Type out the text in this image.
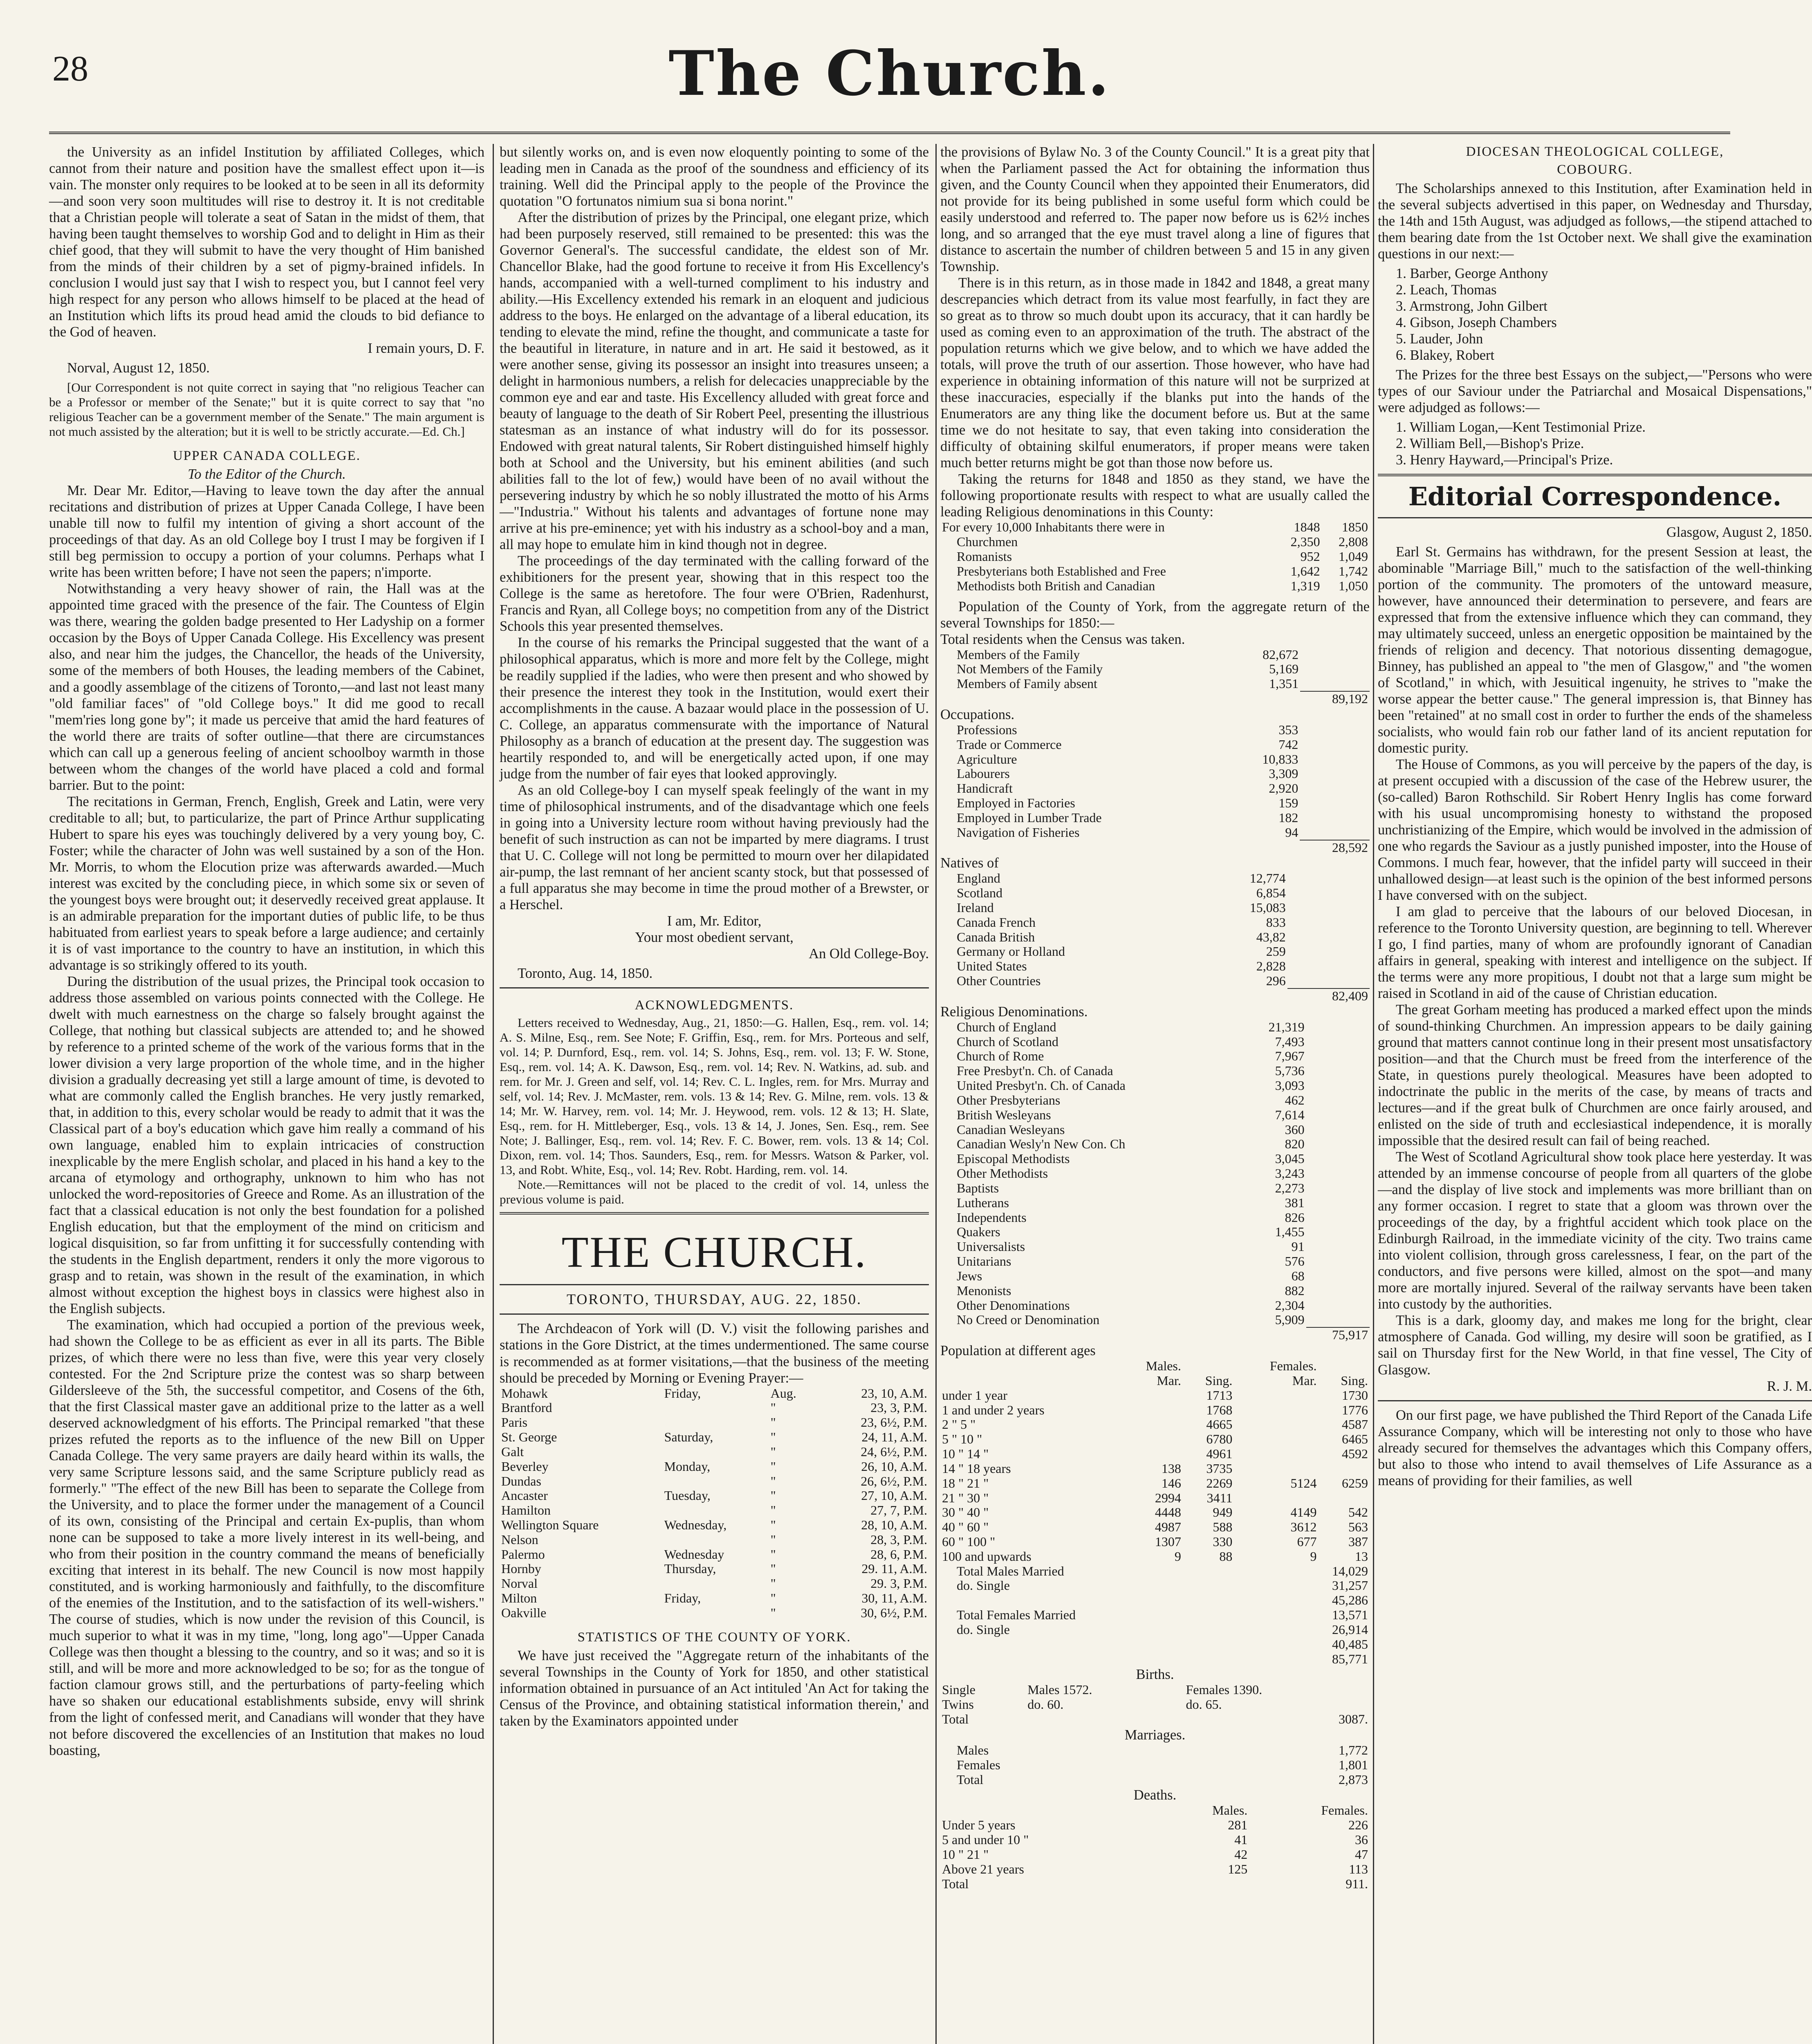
28	The Church.

the University as an infidel Institution by affiliated Colleges, which cannot from their nature and position have the smallest effect upon it—is vain. The monster only requires to be looked at to be seen in all its deformity—and soon very soon multitudes will rise to destroy it. It is not creditable that a Christian people will tolerate a seat of Satan in the midst of them, that having been taught themselves to worship God and to delight in Him as their chief good, that they will submit to have the very thought of Him banished from the minds of their children by a set of pigmy-brained infidels. In conclusion I would just say that I wish to respect you, but I cannot feel very high respect for any person who allows himself to be placed at the head of an Institution which lifts its proud head amid the clouds to bid defiance to the God of heaven.

I remain yours, D. F.

Norval, August 12, 1850.

[Our Correspondent is not quite correct in saying that "no religious Teacher can be a Professor or member of the Senate;" but it is quite correct to say that "no religious Teacher can be a government member of the Senate." The main argument is not much assisted by the alteration; but it is well to be strictly accurate.—Ed. Ch.]

UPPER CANADA COLLEGE.
To the Editor of the Church.

Mr. Dear Mr. Editor,—Having to leave town the day after the annual recitations and distribution of prizes at Upper Canada College, I have been unable till now to fulfil my intention of giving a short account of the proceedings of that day. As an old College boy I trust I may be forgiven if I still beg permission to occupy a portion of your columns. Perhaps what I write has been written before; I have not seen the papers; n'importe.

Notwithstanding a very heavy shower of rain, the Hall was at the appointed time graced with the presence of the fair. The Countess of Elgin was there, wearing the golden badge presented to Her Ladyship on a former occasion by the Boys of Upper Canada College. His Excellency was present also, and near him the judges, the Chancellor, the heads of the University, some of the members of both Houses, the leading members of the Cabinet, and a goodly assemblage of the citizens of Toronto,—and last not least many "old familiar faces" of "old College boys." It did me good to recall "mem'ries long gone by"; it made us perceive that amid the hard features of the world there are traits of softer outline—that there are circumstances which can call up a generous feeling of ancient schoolboy warmth in those between whom the changes of the world have placed a cold and formal barrier. But to the point:

The recitations in German, French, English, Greek and Latin, were very creditable to all; but, to particularize, the part of Prince Arthur supplicating Hubert to spare his eyes was touchingly delivered by a very young boy, C. Foster; while the character of John was well sustained by a son of the Hon. Mr. Morris, to whom the Elocution prize was afterwards awarded.—Much interest was excited by the concluding piece, in which some six or seven of the youngest boys were brought out; it deservedly received great applause. It is an admirable preparation for the important duties of public life, to be thus habituated from earliest years to speak before a large audience; and certainly it is of vast importance to the country to have an institution, in which this advantage is so strikingly offered to its youth.

During the distribution of the usual prizes, the Principal took occasion to address those assembled on various points connected with the College. He dwelt with much earnestness on the charge so falsely brought against the College, that nothing but classical subjects are attended to; and he showed by reference to a printed scheme of the work of the various forms that in the lower division a very large proportion of the whole time, and in the higher division a gradually decreasing yet still a large amount of time, is devoted to what are commonly called the English branches. He very justly remarked, that, in addition to this, every scholar would be ready to admit that it was the Classical part of a boy's education which gave him really a command of his own language, enabled him to explain intricacies of construction inexplicable by the mere English scholar, and placed in his hand a key to the arcana of etymology and orthography, unknown to him who has not unlocked the word-repositories of Greece and Rome. As an illustration of the fact that a classical education is not only the best foundation for a polished English education, but that the employment of the mind on criticism and logical disquisition, so far from unfitting it for successfully contending with the students in the English department, renders it only the more vigorous to grasp and to retain, was shown in the result of the examination, in which almost without exception the highest boys in classics were highest also in the English subjects.

The examination, which had occupied a portion of the previous week, had shown the College to be as efficient as ever in all its parts. The Bible prizes, of which there were no less than five, were this year very closely contested. For the 2nd Scripture prize the contest was so sharp between Gildersleeve of the 5th, the successful competitor, and Cosens of the 6th, that the first Classical master gave an additional prize to the latter as a well deserved acknowledgment of his efforts. The Principal remarked "that these prizes refuted the reports as to the influence of the new Bill on Upper Canada College. The very same prayers are daily heard within its walls, the very same Scripture lessons said, and the same Scripture publicly read as formerly." "The effect of the new Bill has been to separate the College from the University, and to place the former under the management of a Council of its own, consisting of the Principal and certain Ex-puplis, than whom none can be supposed to take a more lively interest in its well-being, and who from their position in the country command the means of beneficially exciting that interest in its behalf. The new Council is now most happily constituted, and is working harmoniously and faithfully, to the discomfiture of the enemies of the Institution, and to the satisfaction of its well-wishers." The course of studies, which is now under the revision of this Council, is much superior to what it was in my time, "long, long ago"—Upper Canada College was then thought a blessing to the country, and so it was; and so it is still, and will be more and more acknowledged to be so; for as the tongue of faction clamour grows still, and the perturbations of party-feeling which have so shaken our educational establishments subside, envy will shrink from the light of confessed merit, and Canadians will wonder that they have not before discovered the excellencies of an Institution that makes no loud boasting,

but silently works on, and is even now eloquently pointing to some of the leading men in Canada as the proof of the soundness and efficiency of its training. Well did the Principal apply to the people of the Province the quotation "O fortunatos nimium sua si bona norint."

After the distribution of prizes by the Principal, one elegant prize, which had been purposely reserved, still remained to be presented: this was the Governor General's. The successful candidate, the eldest son of Mr. Chancellor Blake, had the good fortune to receive it from His Excellency's hands, accompanied with a well-turned compliment to his industry and ability.—His Excellency extended his remark in an eloquent and judicious address to the boys. He enlarged on the advantage of a liberal education, its tending to elevate the mind, refine the thought, and communicate a taste for the beautiful in literature, in nature and in art. He said it bestowed, as it were another sense, giving its possessor an insight into treasures unseen; a delight in harmonious numbers, a relish for delecacies unappreciable by the common eye and ear and taste. His Excellency alluded with great force and beauty of language to the death of Sir Robert Peel, presenting the illustrious statesman as an instance of what industry will do for its possessor. Endowed with great natural talents, Sir Robert distinguished himself highly both at School and the University, but his eminent abilities (and such abilities fall to the lot of few,) would have been of no avail without the persevering industry by which he so nobly illustrated the motto of his Arms—"Industria." Without his talents and advantages of fortune none may arrive at his pre-eminence; yet with his industry as a school-boy and a man, all may hope to emulate him in kind though not in degree.

The proceedings of the day terminated with the calling forward of the exhibitioners for the present year, showing that in this respect too the College is the same as heretofore. The four were O'Brien, Radenhurst, Francis and Ryan, all College boys; no competition from any of the District Schools this year presented themselves.

In the course of his remarks the Principal suggested that the want of a philosophical apparatus, which is more and more felt by the College, might be readily supplied if the ladies, who were then present and who showed by their presence the interest they took in the Institution, would exert their accomplishments in the cause. A bazaar would place in the possession of U. C. College, an apparatus commensurate with the importance of Natural Philosophy as a branch of education at the present day. The suggestion was heartily responded to, and will be energetically acted upon, if one may judge from the number of fair eyes that looked approvingly.

As an old College-boy I can myself speak feelingly of the want in my time of philosophical instruments, and of the disadvantage which one feels in going into a University lecture room without having previously had the benefit of such instruction as can not be imparted by mere diagrams. I trust that U. C. College will not long be permitted to mourn over her dilapidated air-pump, the last remnant of her ancient scanty stock, but that possessed of a full apparatus she may become in time the proud mother of a Brewster, or a Herschel.

I am, Mr. Editor,
Your most obedient servant,
An Old College-Boy.

Toronto, Aug. 14, 1850.

ACKNOWLEDGMENTS.

Letters received to Wednesday, Aug., 21, 1850:—G. Hallen, Esq., rem. vol. 14; A. S. Milne, Esq., rem. See Note; F. Griffin, Esq., rem. for Mrs. Porteous and self, vol. 14; P. Durnford, Esq., rem. vol. 14; S. Johns, Esq., rem. vol. 13; F. W. Stone, Esq., rem. vol. 14; A. K. Dawson, Esq., rem. vol. 14; Rev. N. Watkins, ad. sub. and rem. for Mr. J. Green and self, vol. 14; Rev. C. L. Ingles, rem. for Mrs. Murray and self, vol. 14; Rev. J. McMaster, rem. vols. 13 & 14; Rev. G. Milne, rem. vols. 13 & 14; Mr. W. Harvey, rem. vol. 14; Mr. J. Heywood, rem. vols. 12 & 13; H. Slate, Esq., rem. for H. Mittleberger, Esq., vols. 13 & 14, J. Jones, Sen. Esq., rem. See Note; J. Ballinger, Esq., rem. vol. 14; Rev. F. C. Bower, rem. vols. 13 & 14; Col. Dixon, rem. vol. 14; Thos. Saunders, Esq., rem. for Messrs. Watson & Parker, vol. 13, and Robt. White, Esq., vol. 14; Rev. Robt. Harding, rem. vol. 14.

Note.—Remittances will not be placed to the credit of vol. 14, unless the previous volume is paid.

THE CHURCH.
TORONTO, THURSDAY, AUG. 22, 1850.

The Archdeacon of York will (D. V.) visit the following parishes and stations in the Gore District, at the times undermentioned. The same course is recommended as at former visitations,—that the business of the meeting should be preceded by Morning or Evening Prayer:—

Mohawk	Friday,	Aug.	23, 10, A.M.
Brantford		"	23, 3, P.M.
Paris		"	23, 6½, P.M.
St. George	Saturday,	"	24, 11, A.M.
Galt		"	24, 6½, P.M.
Beverley	Monday,	"	26, 10, A.M.
Dundas		"	26, 6½, P.M.
Ancaster	Tuesday,	"	27, 10, A.M.
Hamilton		"	27, 7, P.M.
Wellington Square	Wednesday,	"	28, 10, A.M.
Nelson		"	28, 3, P.M.
Palermo	Wednesday	"	28, 6, P.M.
Hornby	Thursday,	"	29. 11, A.M.
Norval		"	29. 3, P.M.
Milton	Friday,	"	30, 11, A.M.
Oakville		"	30, 6½, P.M.
STATISTICS OF THE COUNTY OF YORK.

We have just received the "Aggregate return of the inhabitants of the several Townships in the County of York for 1850, and other statistical information obtained in pursuance of an Act intituled 'An Act for taking the Census of the Province, and obtaining statistical information therein,' and taken by the Examinators appointed under

the provisions of Bylaw No. 3 of the County Council." It is a great pity that when the Parliament passed the Act for obtaining the information thus given, and the County Council when they appointed their Enumerators, did not provide for its being published in some useful form which could be easily understood and referred to. The paper now before us is 62½ inches long, and so arranged that the eye must travel along a line of figures that distance to ascertain the number of children between 5 and 15 in any given Township.

There is in this return, as in those made in 1842 and 1848, a great many descrepancies which detract from its value most fearfully, in fact they are so great as to throw so much doubt upon its accuracy, that it can hardly be used as coming even to an approximation of the truth. The abstract of the population returns which we give below, and to which we have added the totals, will prove the truth of our assertion. Those however, who have had experience in obtaining information of this nature will not be surprized at these inaccuracies, especially if the blanks put into the hands of the Enumerators are any thing like the document before us. But at the same time we do not hesitate to say, that even taking into consideration the difficulty of obtaining skilful enumerators, if proper means were taken much better returns might be got than those now before us.

Taking the returns for 1848 and 1850 as they stand, we have the following proportionate results with respect to what are usually called the leading Religious denominations in this County:

For every 10,000 Inhabitants there were in	1848	1850
Churchmen	2,350	2,808
Romanists	952	1,049
Presbyterians both Established and Free	1,642	1,742
Methodists both British and Canadian	1,319	1,050

Population of the County of York, from the aggregate return of the several Townships for 1850:—

Total residents when the Census was taken.
Members of the Family	82,672	
Not Members of the Family	5,169	
Members of Family absent	1,351	
		89,192
Occupations.
Professions	353	
Trade or Commerce	742	
Agriculture	10,833	
Labourers	3,309	
Handicraft	2,920	
Employed in Factories	159	
Employed in Lumber Trade	182	
Navigation of Fisheries	94	
		28,592
Natives of
England	12,774	
Scotland	6,854	
Ireland	15,083	
Canada French	833	
Canada British	43,82	
Germany or Holland	259	
United States	2,828	
Other Countries	296	
		82,409
Religious Denominations.
Church of England	21,319	
Church of Scotland	7,493	
Church of Rome	7,967	
Free Presbyt'n. Ch. of Canada	5,736	
United Presbyt'n. Ch. of Canada	3,093	
Other Presbyterians	462	
British Wesleyans	7,614	
Canadian Wesleyans	360	
Canadian Wesly'n New Con. Ch	820	
Episcopal Methodists	3,045	
Other Methodists	3,243	
Baptists	2,273	
Lutherans	381	
Independents	826	
Quakers	1,455	
Universalists	91	
Unitarians	576	
Jews	68	
Menonists	882	
Other Denominations	2,304	
No Creed or Denomination	5,909	
		75,917
Population at different ages
	Males.		Females.	
	Mar.	Sing.	Mar.	Sing.
under 1 year		1713		1730
1 and under 2 years		1768		1776
2 " 5 "		4665		4587
5 " 10 "		6780		6465
10 " 14 "		4961		4592
14 " 18 years	138	3735		
18 " 21 "	146	2269	5124	6259
21 " 30 "	2994	3411		
30 " 40 "	4448	949	4149	542
40 " 60 "	4987	588	3612	563
60 " 100 "	1307	330	677	387
100 and upwards	9	88	9	13
Total Males Married	14,029
do. Single	31,257
	45,286
Total Females Married	13,571
do. Single	26,914
	40,485
	85,771
Births.
Single	Males 1572.	Females 1390.
Twins	do. 60.	do. 65.
Total		3087.
Marriages.
Males	1,772
Females	1,801
Total	2,873
Deaths.
	Males.	Females.
Under 5 years	281	226
5 and under 10 "	41	36
10 " 21 "	42	47
Above 21 years	125	113
Total		911.
DIOCESAN THEOLOGICAL COLLEGE,
COBOURG.

The Scholarships annexed to this Institution, after Examination held in the several subjects advertised in this paper, on Wednesday and Thursday, the 14th and 15th August, was adjudged as follows,—the stipend attached to them bearing date from the 1st October next. We shall give the examination questions in our next:—

1. Barber, George Anthony
2. Leach, Thomas
3. Armstrong, John Gilbert
4. Gibson, Joseph Chambers
5. Lauder, John
6. Blakey, Robert

The Prizes for the three best Essays on the subject,—"Persons who were types of our Saviour under the Patriarchal and Mosaical Dispensations," were adjudged as follows:—

1. William Logan,—Kent Testimonial Prize.
2. William Bell,—Bishop's Prize.
3. Henry Hayward,—Principal's Prize.
Editorial Correspondence.
Glasgow, August 2, 1850.

Earl St. Germains has withdrawn, for the present Session at least, the abominable "Marriage Bill," much to the satisfaction of the well-thinking portion of the community. The promoters of the untoward measure, however, have announced their determination to persevere, and fears are expressed that from the extensive influence which they can command, they may ultimately succeed, unless an energetic opposition be maintained by the friends of religion and decency. That notorious dissenting demagogue, Binney, has published an appeal to "the men of Glasgow," and "the women of Scotland," in which, with Jesuitical ingenuity, he strives to "make the worse appear the better cause." The general impression is, that Binney has been "retained" at no small cost in order to further the ends of the shameless socialists, who would fain rob our father land of its ancient reputation for domestic purity.

The House of Commons, as you will perceive by the papers of the day, is at present occupied with a discussion of the case of the Hebrew usurer, the (so-called) Baron Rothschild. Sir Robert Henry Inglis has come forward with his usual uncompromising honesty to withstand the proposed unchristianizing of the Empire, which would be involved in the admission of one who regards the Saviour as a justly punished imposter, into the House of Commons. I much fear, however, that the infidel party will succeed in their unhallowed design—at least such is the opinion of the best informed persons I have conversed with on the subject.

I am glad to perceive that the labours of our beloved Diocesan, in reference to the Toronto University question, are beginning to tell. Wherever I go, I find parties, many of whom are profoundly ignorant of Canadian affairs in general, speaking with interest and intelligence on the subject. If the terms were any more propitious, I doubt not that a large sum might be raised in Scotland in aid of the cause of Christian education.

The great Gorham meeting has produced a marked effect upon the minds of sound-thinking Churchmen. An impression appears to be daily gaining ground that matters cannot continue long in their present most unsatisfactory position—and that the Church must be freed from the interference of the State, in questions purely theological. Measures have been adopted to indoctrinate the public in the merits of the case, by means of tracts and lectures—and if the great bulk of Churchmen are once fairly aroused, and enlisted on the side of truth and ecclesiastical independence, it is morally impossible that the desired result can fail of being reached.

The West of Scotland Agricultural show took place here yesterday. It was attended by an immense concourse of people from all quarters of the globe—and the display of live stock and implements was more brilliant than on any former occasion. I regret to state that a gloom was thrown over the proceedings of the day, by a frightful accident which took place on the Edinburgh Railroad, in the immediate vicinity of the city. Two trains came into violent collision, through gross carelessness, I fear, on the part of the conductors, and five persons were killed, almost on the spot—and many more are mortally injured. Several of the railway servants have been taken into custody by the authorities.

This is a dark, gloomy day, and makes me long for the bright, clear atmosphere of Canada. God willing, my desire will soon be gratified, as I sail on Thursday first for the New World, in that fine vessel, The City of Glasgow.

R. J. M.

On our first page, we have published the Third Report of the Canada Life Assurance Company, which will be interesting not only to those who have already secured for themselves the advantages which this Company offers, but also to those who intend to avail themselves of Life Assurance as a means of providing for their families, as well
